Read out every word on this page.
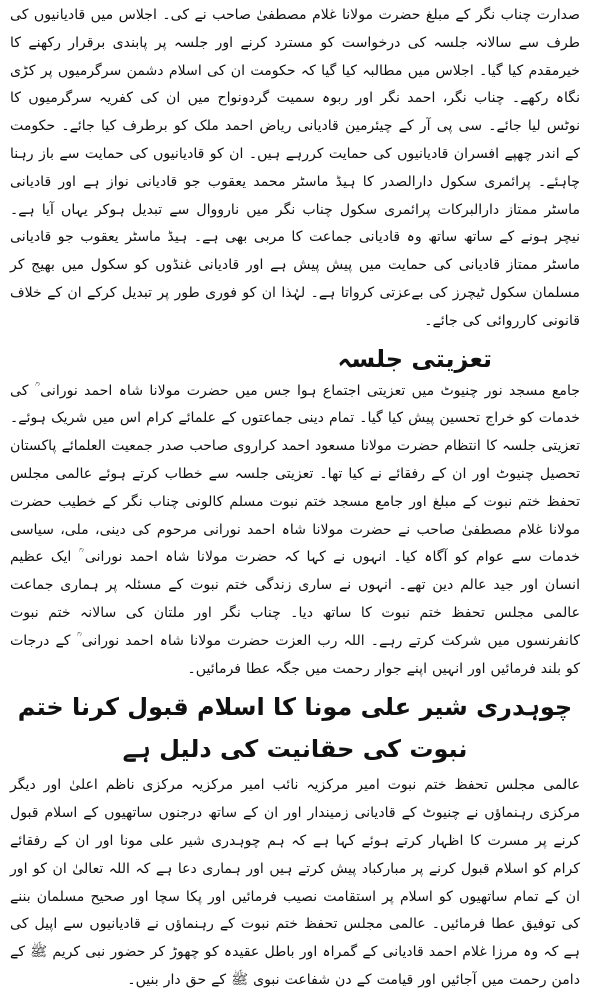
صدارت چناب نگر کے مبلغ حضرت مولانا غلام مصطفیٰ صاحب نے کی۔ اجلاس میں قادیانیوں کی طرف سے سالانہ جلسہ کی درخواست کو مسترد کرنے اور جلسہ پر پابندی برقرار رکھنے کا خیرمقدم کیا گیا۔ اجلاس میں مطالبہ کیا گیا کہ حکومت ان کی اسلام دشمن سرگرمیوں پر کڑی نگاہ رکھے۔ چناب نگر، احمد نگر اور ربوہ سمیت گردونواح میں ان کی کفریہ سرگرمیوں کا نوٹس لیا جائے۔ سی پی آر کے چیئرمین قادیانی ریاض احمد ملک کو برطرف کیا جائے۔ حکومت کے اندر چھپے افسران قادیانیوں کی حمایت کررہے ہیں۔ ان کو قادیانیوں کی حمایت سے باز رہنا چاہئے۔ پرائمری سکول دارالصدر کا ہیڈ ماسٹر محمد یعقوب جو قادیانی نواز ہے اور قادیانی ماسٹر ممتاز دارالبرکات پرائمری سکول چناب نگر میں نارووال سے تبدیل ہوکر یہاں آیا ہے۔ نیچر ہونے کے ساتھ ساتھ وہ قادیانی جماعت کا مربی بھی ہے۔ ہیڈ ماسٹر یعقوب جو قادیانی ماسٹر ممتاز قادیانی کی حمایت میں پیش پیش ہے اور قادیانی غنڈوں کو سکول میں بھیج کر مسلمان سکول ٹیچرز کی بےعزتی کرواتا ہے۔ لہٰذا ان کو فوری طور پر تبدیل کرکے ان کے خلاف قانونی کارروائی کی جائے۔

تعزیتی جلسہ

جامع مسجد نور چنیوٹ میں تعزیتی اجتماع ہوا جس میں حضرت مولانا شاہ احمد نورانی ؒ کی خدمات کو خراج تحسین پیش کیا گیا۔ تمام دینی جماعتوں کے علمائے کرام اس میں شریک ہوئے۔ تعزیتی جلسہ کا انتظام حضرت مولانا مسعود احمد کراروی صاحب صدر جمعیت العلمائے پاکستان تحصیل چنیوٹ اور ان کے رفقائے نے کیا تھا۔ تعزیتی جلسہ سے خطاب کرتے ہوئے عالمی مجلس تحفظ ختم نبوت کے مبلغ اور جامع مسجد ختم نبوت مسلم کالونی چناب نگر کے خطیب حضرت مولانا غلام مصطفیٰ صاحب نے حضرت مولانا شاہ احمد نورانی مرحوم کی دینی، ملی، سیاسی خدمات سے عوام کو آگاہ کیا۔ انہوں نے کہا کہ حضرت مولانا شاہ احمد نورانی ؒ ایک عظیم انسان اور جید عالم دین تھے۔ انہوں نے ساری زندگی ختم نبوت کے مسئلہ پر ہماری جماعت عالمی مجلس تحفظ ختم نبوت کا ساتھ دیا۔ چناب نگر اور ملتان کی سالانہ ختم نبوت کانفرنسوں میں شرکت کرتے رہے۔ اللہ رب العزت حضرت مولانا شاہ احمد نورانی ؒ کے درجات کو بلند فرمائیں اور انہیں اپنے جوار رحمت میں جگہ عطا فرمائیں۔

چوہدری شیر علی مونا کا اسلام قبول کرنا ختم نبوت کی حقانیت کی دلیل ہے

عالمی مجلس تحفظ ختم نبوت امیر مرکزیہ نائب امیر مرکزیہ مرکزی ناظم اعلیٰ اور دیگر مرکزی رہنماؤں نے چنیوٹ کے قادیانی زمیندار اور ان کے ساتھ درجنوں ساتھیوں کے اسلام قبول کرنے پر مسرت کا اظہار کرتے ہوئے کہا ہے کہ ہم چوہدری شیر علی مونا اور ان کے رفقائے کرام کو اسلام قبول کرنے پر مبارکباد پیش کرتے ہیں اور ہماری دعا ہے کہ اللہ تعالیٰ ان کو اور ان کے تمام ساتھیوں کو اسلام پر استقامت نصیب فرمائیں اور پکا سچا اور صحیح مسلمان بننے کی توفیق عطا فرمائیں۔ عالمی مجلس تحفظ ختم نبوت کے رہنماؤں نے قادیانیوں سے اپیل کی ہے کہ وہ مرزا غلام احمد قادیانی کے گمراہ اور باطل عقیدہ کو چھوڑ کر حضور نبی کریم ﷺ کے دامن رحمت میں آجائیں اور قیامت کے دن شفاعت نبوی ﷺ کے حق دار بنیں۔
